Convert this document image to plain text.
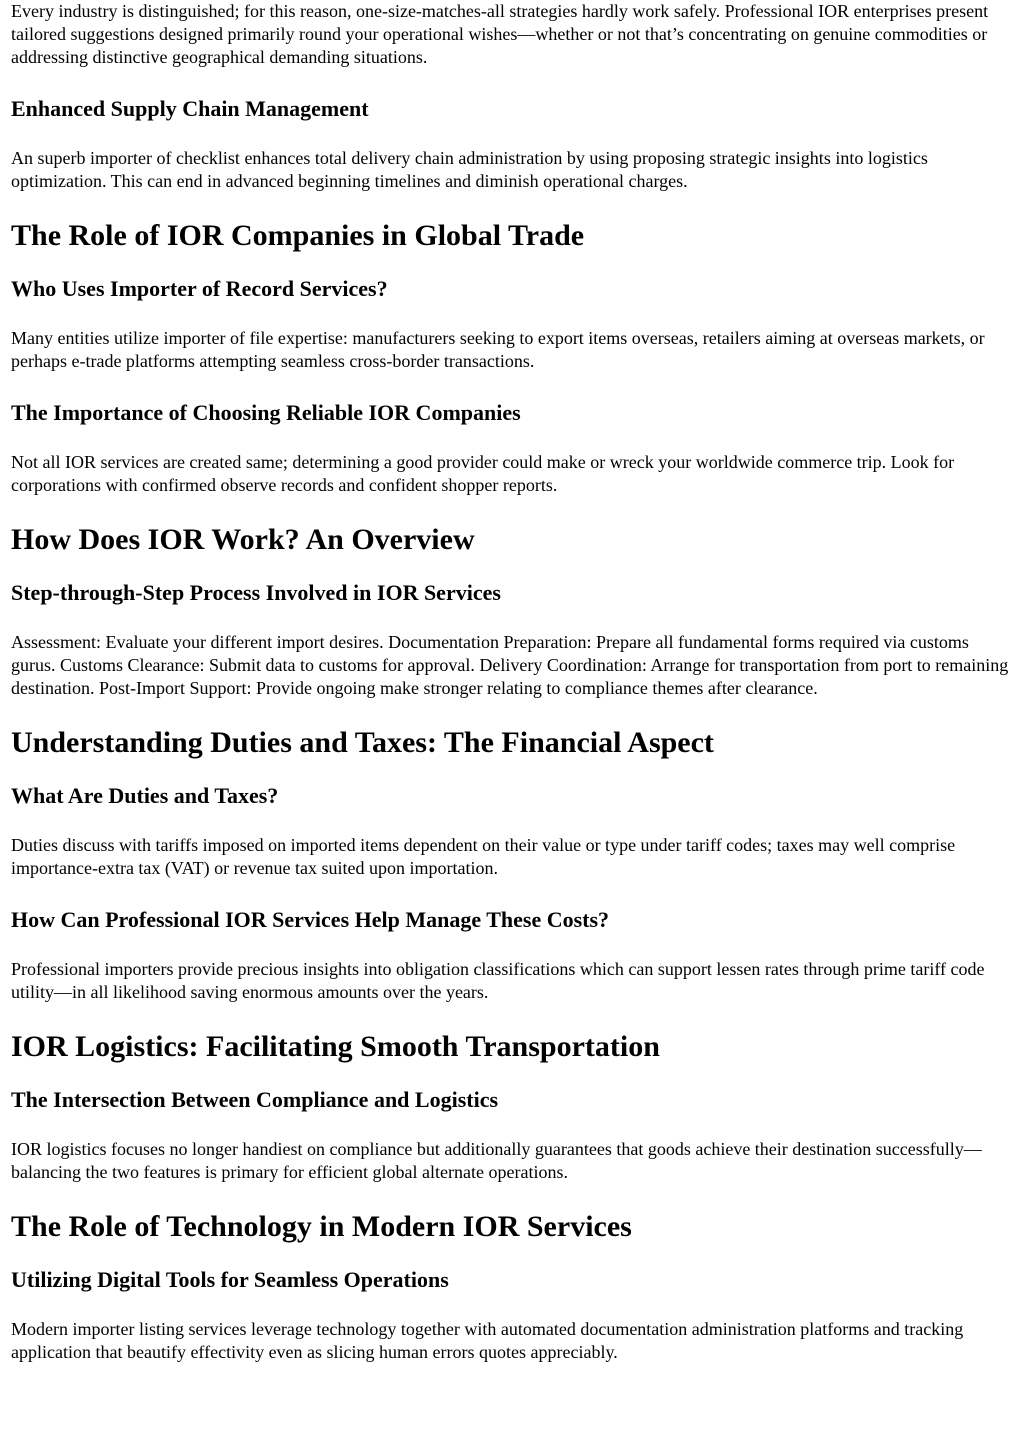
Every industry is distinguished; for this reason, one-size-matches-all strategies hardly work safely. Professional IOR enterprises present tailored suggestions designed primarily round your operational wishes—whether or not that’s concentrating on genuine commodities or addressing distinctive geographical demanding situations.

Enhanced Supply Chain Management

An superb importer of checklist enhances total delivery chain administration by using proposing strategic insights into logistics optimization. This can end in advanced beginning timelines and diminish operational charges.

The Role of IOR Companies in Global Trade
Who Uses Importer of Record Services?

Many entities utilize importer of file expertise: manufacturers seeking to export items overseas, retailers aiming at overseas markets, or perhaps e-trade platforms attempting seamless cross-border transactions.

The Importance of Choosing Reliable IOR Companies

Not all IOR services are created same; determining a good provider could make or wreck your worldwide commerce trip. Look for corporations with confirmed observe records and confident shopper reports.

How Does IOR Work? An Overview
Step-through-Step Process Involved in IOR Services

Assessment: Evaluate your different import desires. Documentation Preparation: Prepare all fundamental forms required via customs gurus. Customs Clearance: Submit data to customs for approval. Delivery Coordination: Arrange for transportation from port to remaining destination. Post-Import Support: Provide ongoing make stronger relating to compliance themes after clearance.

Understanding Duties and Taxes: The Financial Aspect
What Are Duties and Taxes?

Duties discuss with tariffs imposed on imported items dependent on their value or type under tariff codes; taxes may well comprise importance-extra tax (VAT) or revenue tax suited upon importation.

How Can Professional IOR Services Help Manage These Costs?

Professional importers provide precious insights into obligation classifications which can support lessen rates through prime tariff code utility—in all likelihood saving enormous amounts over the years.

IOR Logistics: Facilitating Smooth Transportation
The Intersection Between Compliance and Logistics

IOR logistics focuses no longer handiest on compliance but additionally guarantees that goods achieve their destination successfully—balancing the two features is primary for efficient global alternate operations.

The Role of Technology in Modern IOR Services
Utilizing Digital Tools for Seamless Operations

Modern importer listing services leverage technology together with automated documentation administration platforms and tracking application that beautify effectivity even as slicing human errors quotes appreciably.
